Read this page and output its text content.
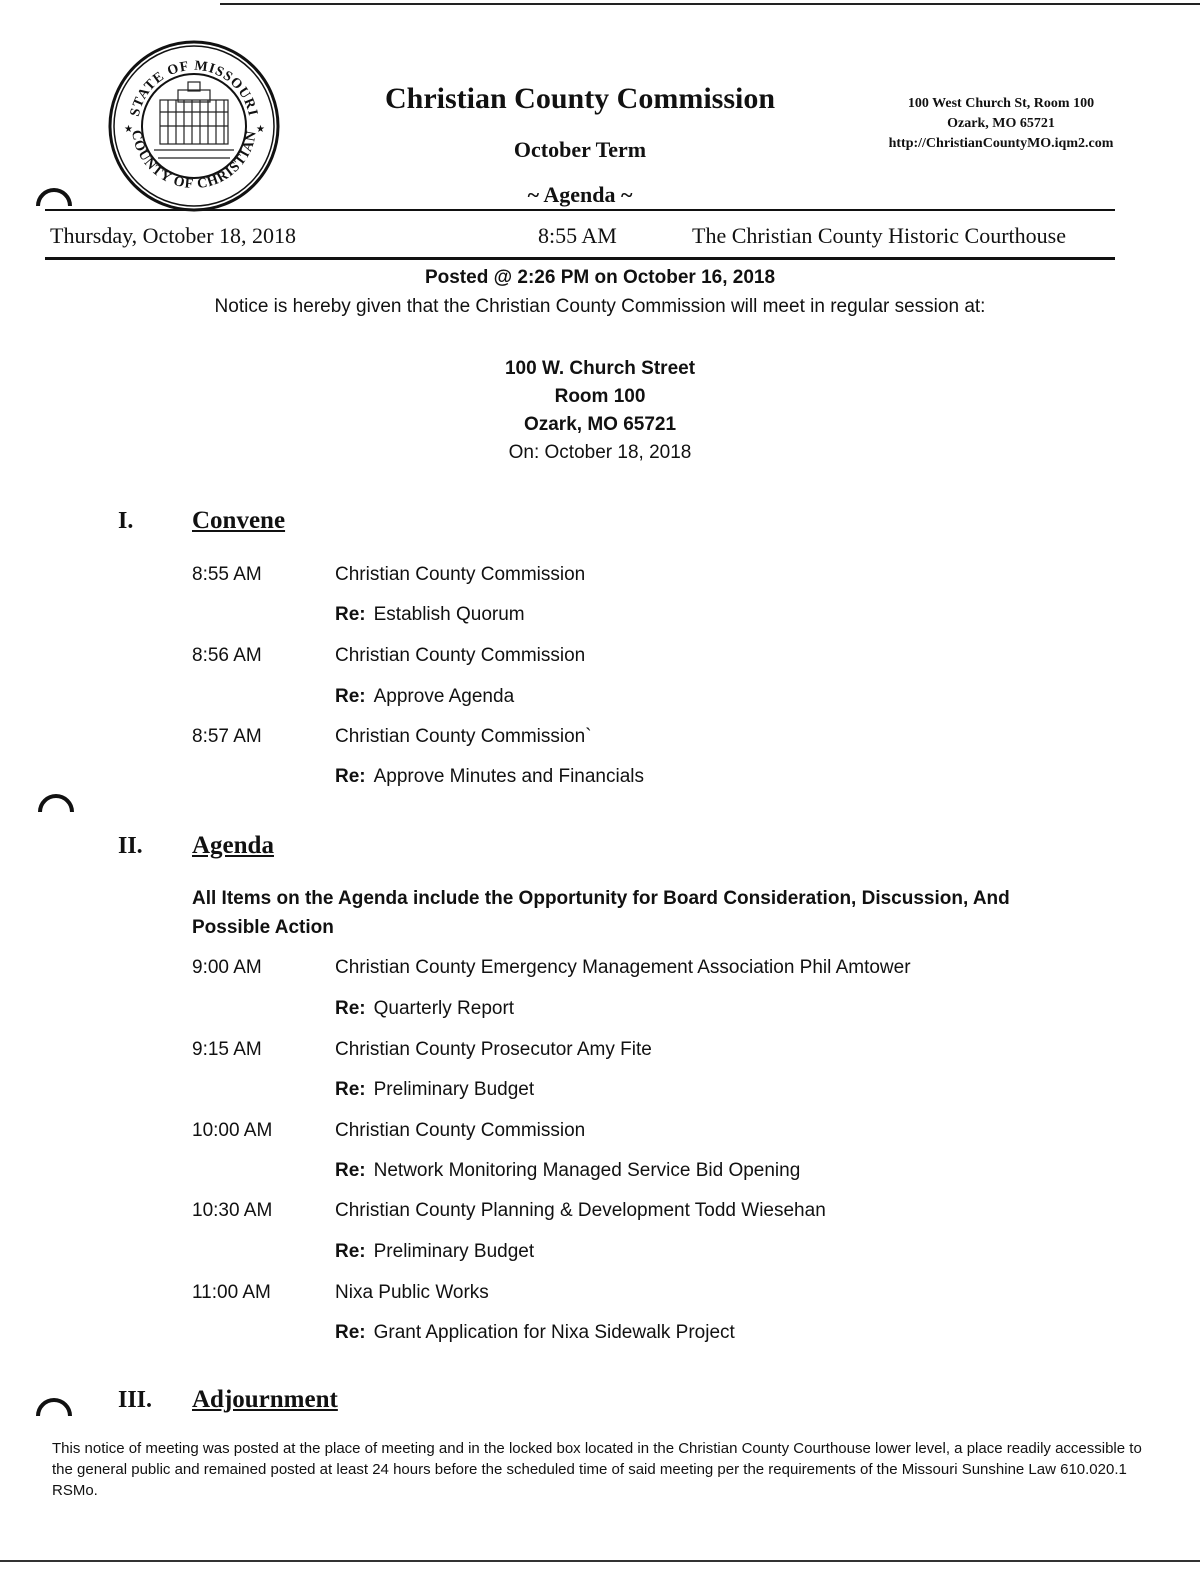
STATE OF MISSOURI
COUNTY OF CHRISTIAN
★	★
Christian County Commission
October Term
~ Agenda ~
100 West Church St, Room 100
Ozark, MO 65721
http://ChristianCountyMO.iqm2.com
Thursday, October 18, 2018	8:55 AM	The Christian County Historic Courthouse
Posted @ 2:26 PM on October 16, 2018
Notice is hereby given that the Christian County Commission will meet in regular session at:
100 W. Church Street
Room 100
Ozark, MO 65721
On: October 18, 2018
I. Convene
8:55 AM	Christian County Commission
Re: Establish Quorum
8:56 AM	Christian County Commission
Re: Approve Agenda
8:57 AM	Christian County Commission`
Re: Approve Minutes and Financials
II. Agenda
All Items on the Agenda include the Opportunity for Board Consideration, Discussion, And Possible Action
9:00 AM	Christian County Emergency Management Association Phil Amtower
Re: Quarterly Report
9:15 AM	Christian County Prosecutor Amy Fite
Re: Preliminary Budget
10:00 AM	Christian County Commission
Re: Network Monitoring Managed Service Bid Opening
10:30 AM	Christian County Planning & Development Todd Wiesehan
Re: Preliminary Budget
11:00 AM	Nixa Public Works
Re: Grant Application for Nixa Sidewalk Project
III. Adjournment
This notice of meeting was posted at the place of meeting and in the locked box located in the Christian County Courthouse lower level, a place readily accessible to the general public and remained posted at least 24 hours before the scheduled time of said meeting per the requirements of the Missouri Sunshine Law 610.020.1 RSMo.
